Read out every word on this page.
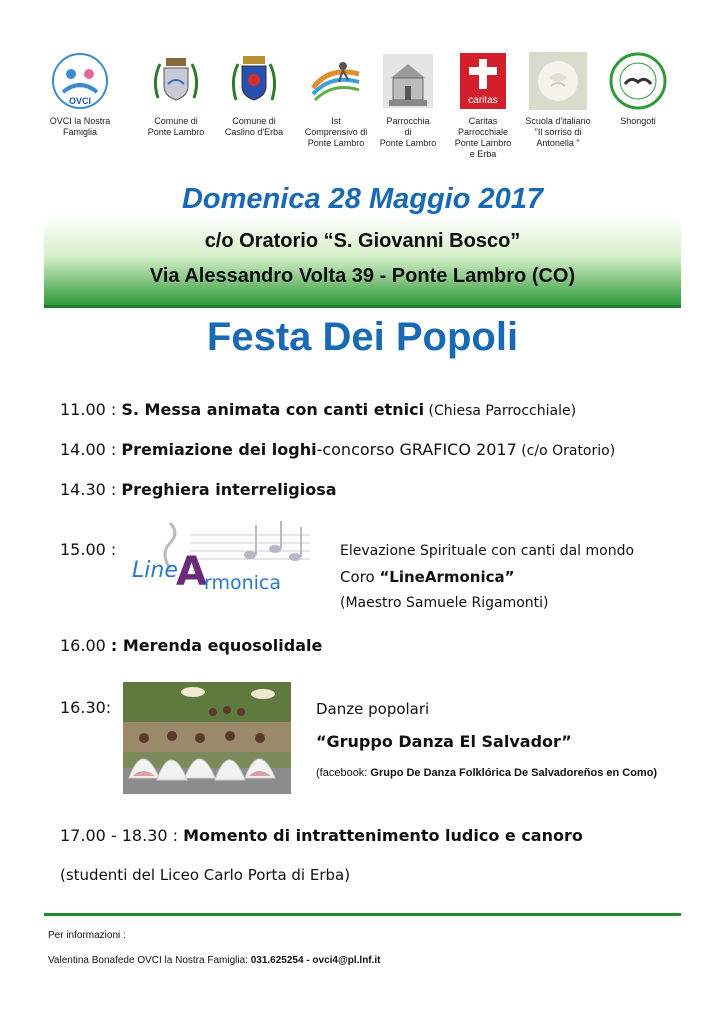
OVCI
OVCI la Nostra
Famiglia
Comune di
Ponte Lambro
Comune di
Caslino d'Erba
Ist
Comprensivo di
Ponte Lambro
Parrocchia
di
Ponte Lambro
caritas
Caritas
Parrocchiale
Ponte Lambro
e Erba
Scuola d'italiano
"Il sorriso di
Antonella "
Shongoti
Domenica 28 Maggio 2017
c/o Oratorio “S. Giovanni Bosco”
Via Alessandro Volta 39 - Ponte Lambro (CO)
Festa Dei Popoli
11.00 : S. Messa animata con canti etnici (Chiesa Parrocchiale)
14.00 : Premiazione dei loghi-concorso GRAFICO 2017 (c/o Oratorio)
14.30 : Preghiera interreligiosa
15.00 :
Line
A
rmonica
Elevazione Spirituale con canti dal mondo
Coro “LineArmonica”
(Maestro Samuele Rigamonti)
16.00 : Merenda equosolidale
16.30:	Danze popolari
“Gruppo Danza El Salvador”
(facebook: Grupo De Danza Folklórica De Salvadoreños en Como)
17.00 - 18.30 : Momento di intrattenimento ludico e canoro
(studenti del Liceo Carlo Porta di Erba)
Per informazioni :
Valentina Bonafede OVCI la Nostra Famiglia: 031.625254 - ovci4@pl.lnf.it
